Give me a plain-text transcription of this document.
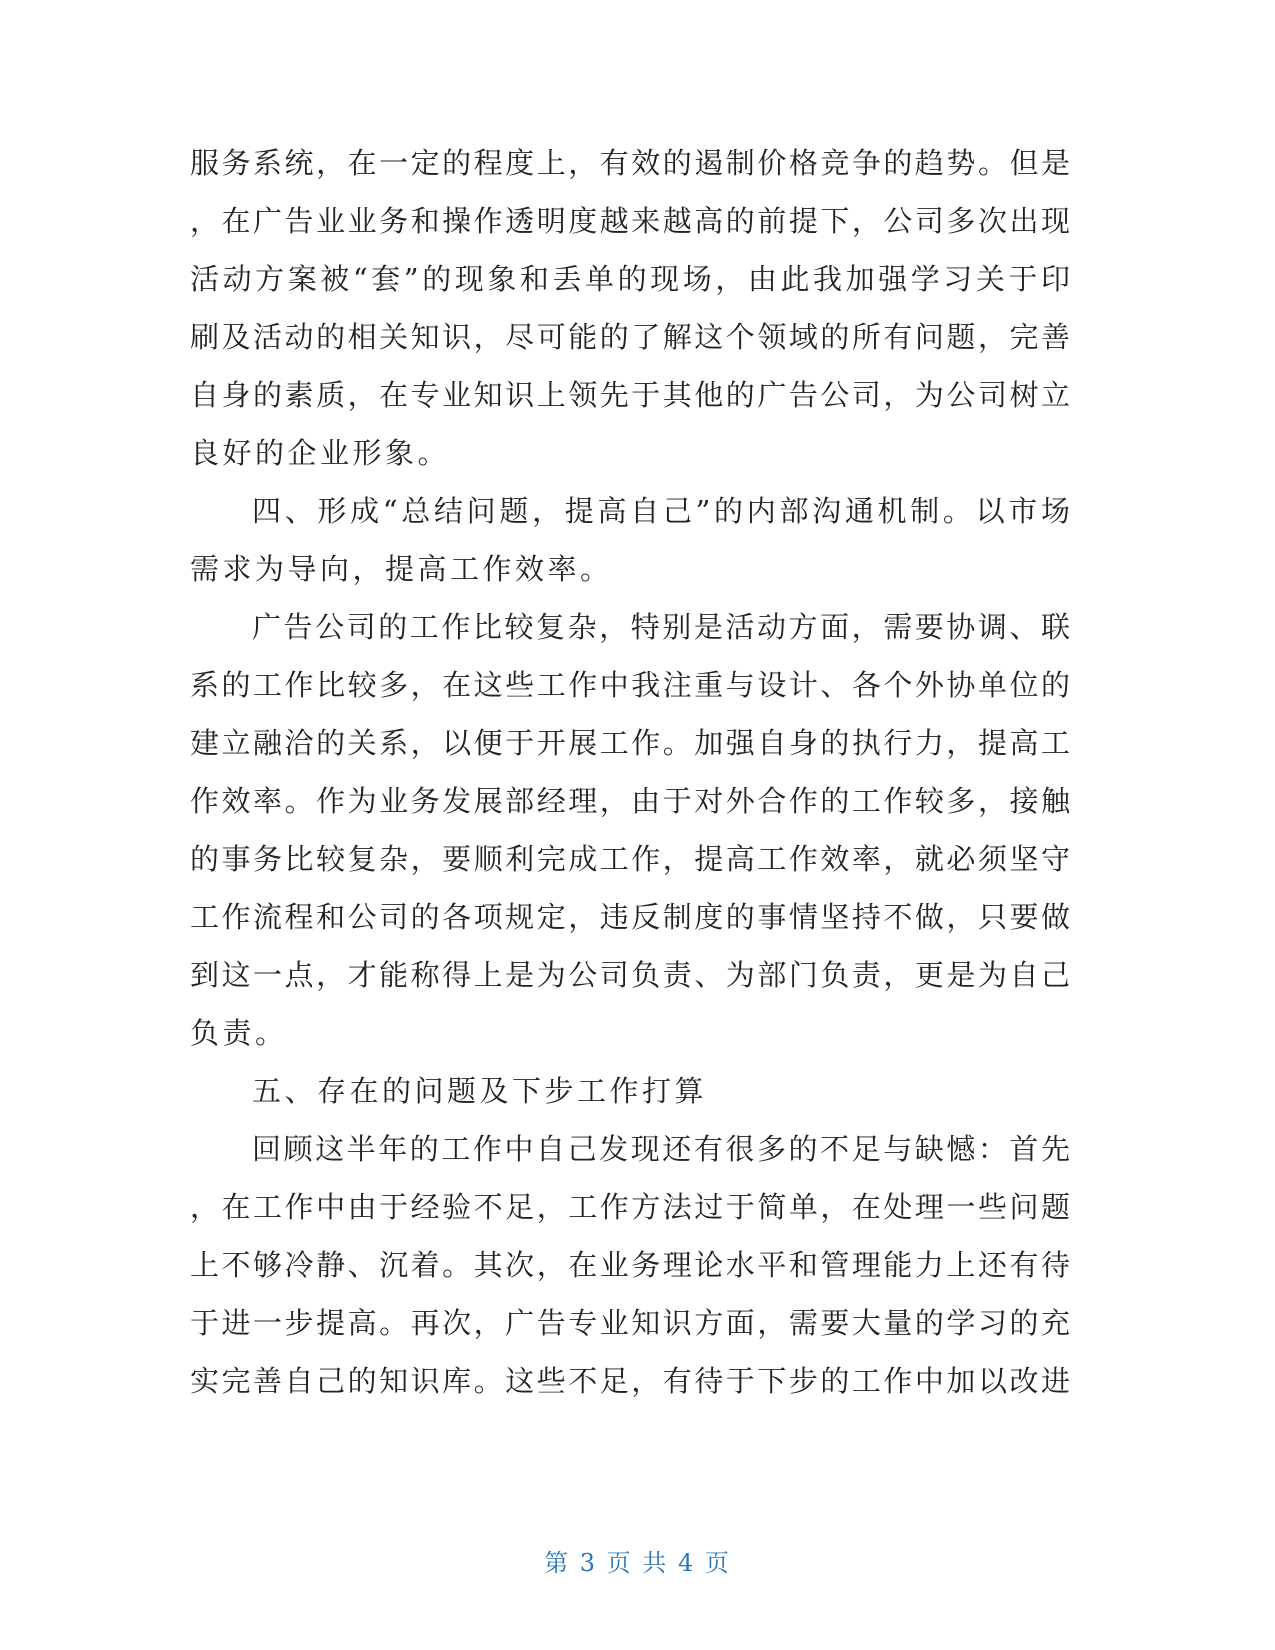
服务系统，在一定的程度上，有效的遏制价格竞争的趋势。但是
，在广告业业务和操作透明度越来越高的前提下，公司多次出现
活动方案被“套”的现象和丢单的现场，由此我加强学习关于印
刷及活动的相关知识，尽可能的了解这个领域的所有问题，完善
自身的素质，在专业知识上领先于其他的广告公司，为公司树立
良好的企业形象。
四、形成“总结问题，提高自己”的内部沟通机制。以市场
需求为导向，提高工作效率。
广告公司的工作比较复杂，特别是活动方面，需要协调、联
系的工作比较多，在这些工作中我注重与设计、各个外协单位的
建立融洽的关系，以便于开展工作。加强自身的执行力，提高工
作效率。作为业务发展部经理，由于对外合作的工作较多，接触
的事务比较复杂，要顺利完成工作，提高工作效率，就必须坚守
工作流程和公司的各项规定，违反制度的事情坚持不做，只要做
到这一点，才能称得上是为公司负责、为部门负责，更是为自己
负责。
五、存在的问题及下步工作打算
回顾这半年的工作中自己发现还有很多的不足与缺憾：首先
，在工作中由于经验不足，工作方法过于简单，在处理一些问题
上不够冷静、沉着。其次，在业务理论水平和管理能力上还有待
于进一步提高。再次，广告专业知识方面，需要大量的学习的充
实完善自己的知识库。这些不足，有待于下步的工作中加以改进
第 3 页 共 4 页
